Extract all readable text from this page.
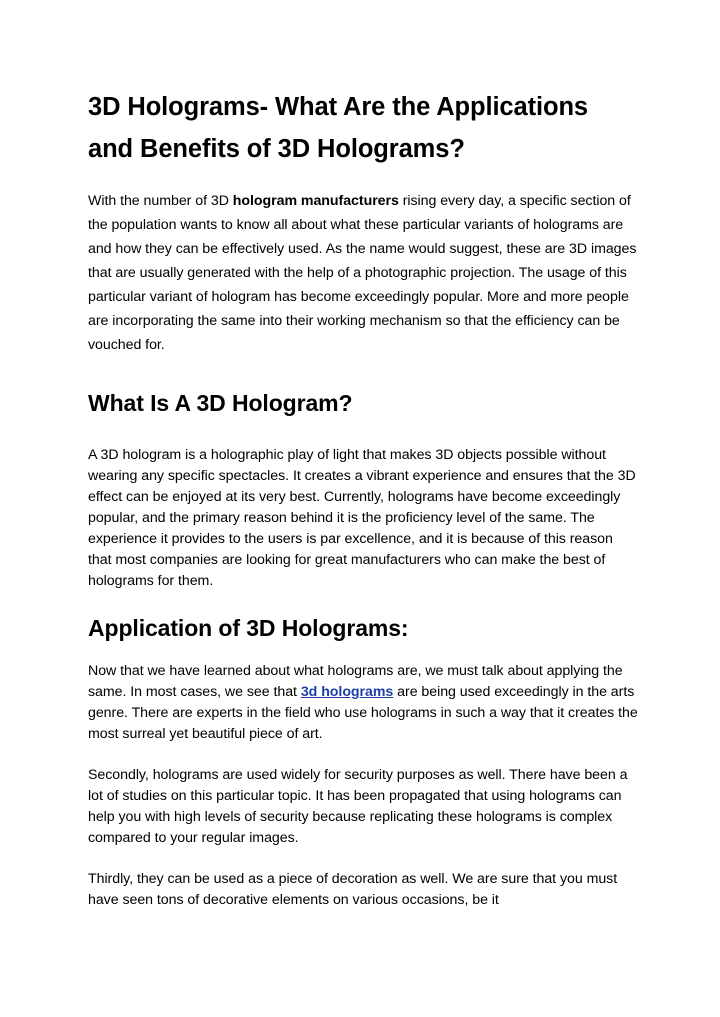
3D Holograms- What Are the Applications and Benefits of 3D Holograms?

With the number of 3D hologram manufacturers rising every day, a specific section of the population wants to know all about what these particular variants of holograms are and how they can be effectively used. As the name would suggest, these are 3D images that are usually generated with the help of a photographic projection. The usage of this particular variant of hologram has become exceedingly popular. More and more people are incorporating the same into their working mechanism so that the efficiency can be vouched for.

What Is A 3D Hologram?

A 3D hologram is a holographic play of light that makes 3D objects possible without wearing any specific spectacles. It creates a vibrant experience and ensures that the 3D effect can be enjoyed at its very best. Currently, holograms have become exceedingly popular, and the primary reason behind it is the proficiency level of the same. The experience it provides to the users is par excellence, and it is because of this reason that most companies are looking for great manufacturers who can make the best of holograms for them.

Application of 3D Holograms:

Now that we have learned about what holograms are, we must talk about applying the same. In most cases, we see that 3d holograms are being used exceedingly in the arts genre. There are experts in the field who use holograms in such a way that it creates the most surreal yet beautiful piece of art.

Secondly, holograms are used widely for security purposes as well. There have been a lot of studies on this particular topic. It has been propagated that using holograms can help you with high levels of security because replicating these holograms is complex compared to your regular images.

Thirdly, they can be used as a piece of decoration as well. We are sure that you must have seen tons of decorative elements on various occasions, be it
